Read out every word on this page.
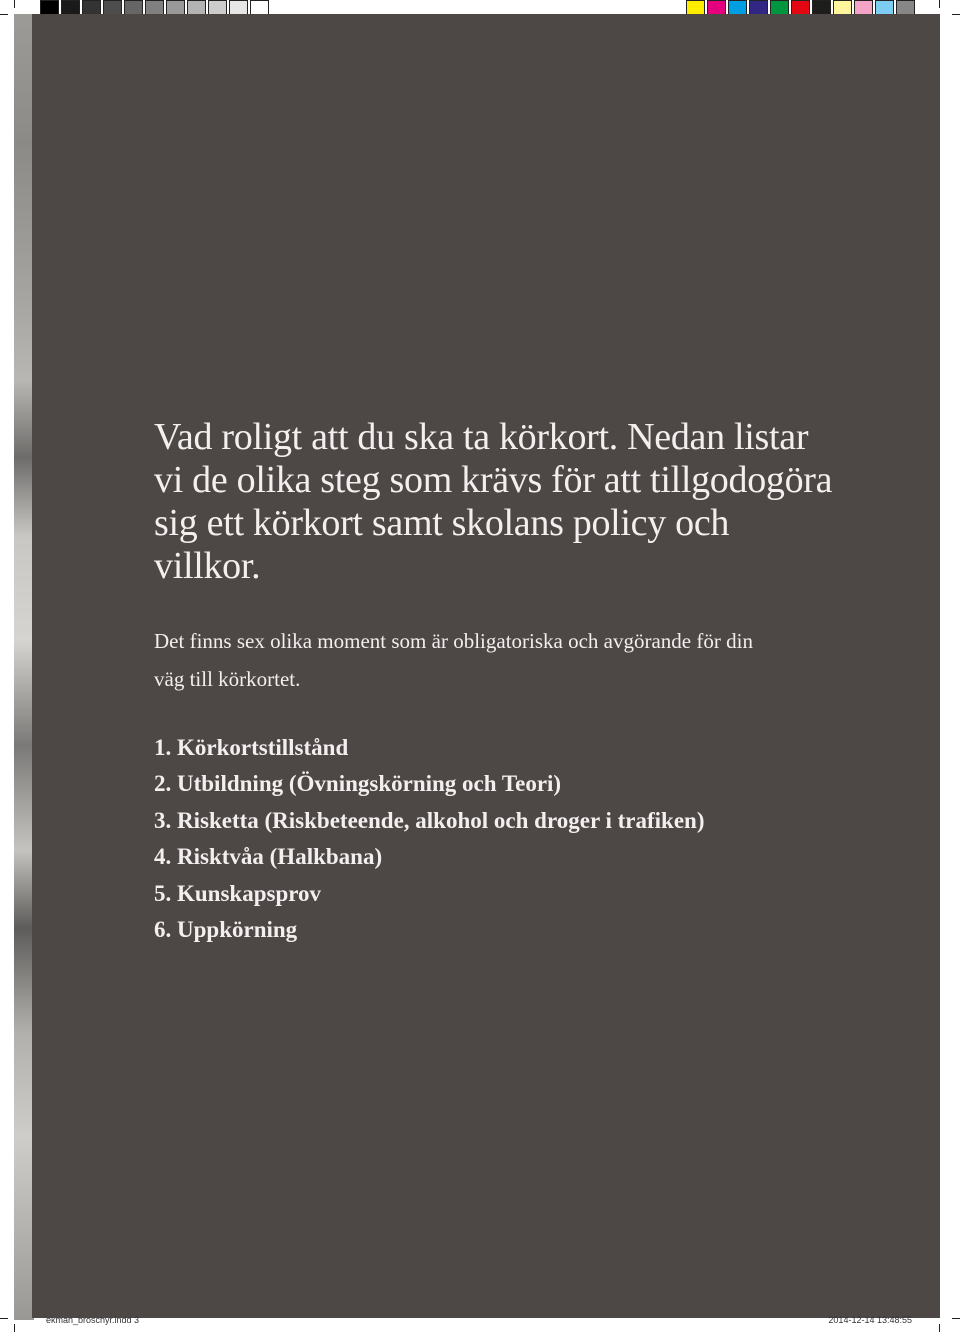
Vad roligt att du ska ta körkort. Nedan listar vi de olika steg som krävs för att tillgodogöra sig ett körkort samt skolans policy och villkor.

Det finns sex olika moment som är obligatoriska och avgörande för din väg till körkortet.

1. Körkortstillstånd
2. Utbildning (Övningskörning och Teori)
3. Risketta (Riskbeteende, alkohol och droger i trafiken)
4. Risktvåa (Halkbana)
5. Kunskapsprov
6. Uppkörning
ekman_broschyr.indd 3	2014-12-14 13:48:55
